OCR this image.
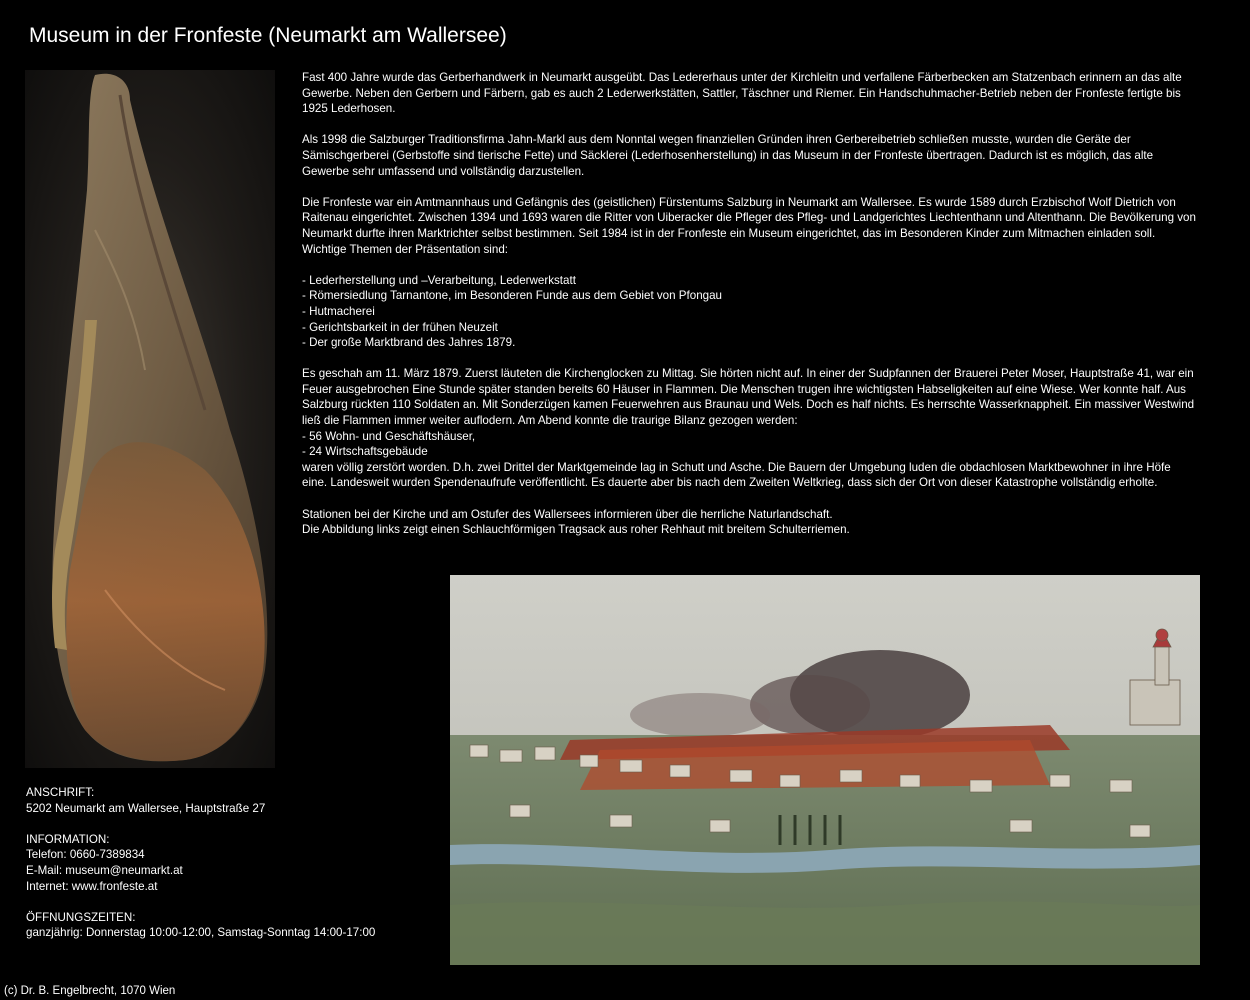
Museum in der Fronfeste (Neumarkt am Wallersee)

Fast 400 Jahre wurde das Gerberhandwerk in Neumarkt ausgeübt. Das Ledererhaus unter der Kirchleitn und verfallene Färberbecken am Statzenbach erinnern an das alte Gewerbe. Neben den Gerbern und Färbern, gab es auch 2 Lederwerkstätten, Sattler, Täschner und Riemer. Ein Handschuhmacher-Betrieb neben der Fronfeste fertigte bis 1925 Lederhosen.

Als 1998 die Salzburger Traditionsfirma Jahn-Markl aus dem Nonntal wegen finanziellen Gründen ihren Gerbereibetrieb schließen musste, wurden die Geräte der Sämischgerberei (Gerbstoffe sind tierische Fette) und Säcklerei (Lederhosenherstellung) in das Museum in der Fronfeste übertragen. Dadurch ist es möglich, das alte Gewerbe sehr umfassend und vollständig darzustellen.

Die Fronfeste war ein Amtmannhaus und Gefängnis des (geistlichen) Fürstentums Salzburg in Neumarkt am Wallersee. Es wurde 1589 durch Erzbischof Wolf Dietrich von Raitenau eingerichtet. Zwischen 1394 und 1693 waren die Ritter von Uiberacker die Pfleger des Pfleg- und Landgerichtes Liechtenthann und Altenthann. Die Bevölkerung von Neumarkt durfte ihren Marktrichter selbst bestimmen. Seit 1984 ist in der Fronfeste ein Museum eingerichtet, das im Besonderen Kinder zum Mitmachen einladen soll. Wichtige Themen der Präsentation sind:

- Lederherstellung und –Verarbeitung, Lederwerkstatt
- Römersiedlung Tarnantone, im Besonderen Funde aus dem Gebiet von Pfongau
- Hutmacherei
- Gerichtsbarkeit in der frühen Neuzeit
- Der große Marktbrand des Jahres 1879.

Es geschah am 11. März 1879. Zuerst läuteten die Kirchenglocken zu Mittag. Sie hörten nicht auf. In einer der Sudpfannen der Brauerei Peter Moser, Hauptstraße 41, war ein Feuer ausgebrochen Eine Stunde später standen bereits 60 Häuser in Flammen. Die Menschen trugen ihre wichtigsten Habseligkeiten auf eine Wiese. Wer konnte half. Aus Salzburg rückten 110 Soldaten an. Mit Sonderzügen kamen Feuerwehren aus Braunau und Wels. Doch es half nichts. Es herrschte Wasserknappheit. Ein massiver Westwind ließ die Flammen immer weiter auflodern. Am Abend konnte die traurige Bilanz gezogen werden:

- 56 Wohn- und Geschäftshäuser,
- 24 Wirtschaftsgebäude

waren völlig zerstört worden. D.h. zwei Drittel der Marktgemeinde lag in Schutt und Asche. Die Bauern der Umgebung luden die obdachlosen Marktbewohner in ihre Höfe eine. Landesweit wurden Spendenaufrufe veröffentlicht. Es dauerte aber bis nach dem Zweiten Weltkrieg, dass sich der Ort von dieser Katastrophe vollständig erholte.

Stationen bei der Kirche und am Ostufer des Wallersees informieren über die herrliche Naturlandschaft.
Die Abbildung links zeigt einen Schlauchförmigen Tragsack aus roher Rehhaut mit breitem Schulterriemen.
ANSCHRIFT:
5202 Neumarkt am Wallersee, Hauptstraße 27
INFORMATION:
Telefon: 0660-7389834
E-Mail: museum@neumarkt.at
Internet: www.fronfeste.at
ÖFFNUNGSZEITEN:
ganzjährig: Donnerstag 10:00-12:00, Samstag-Sonntag 14:00-17:00
(c) Dr. B. Engelbrecht, 1070 Wien
